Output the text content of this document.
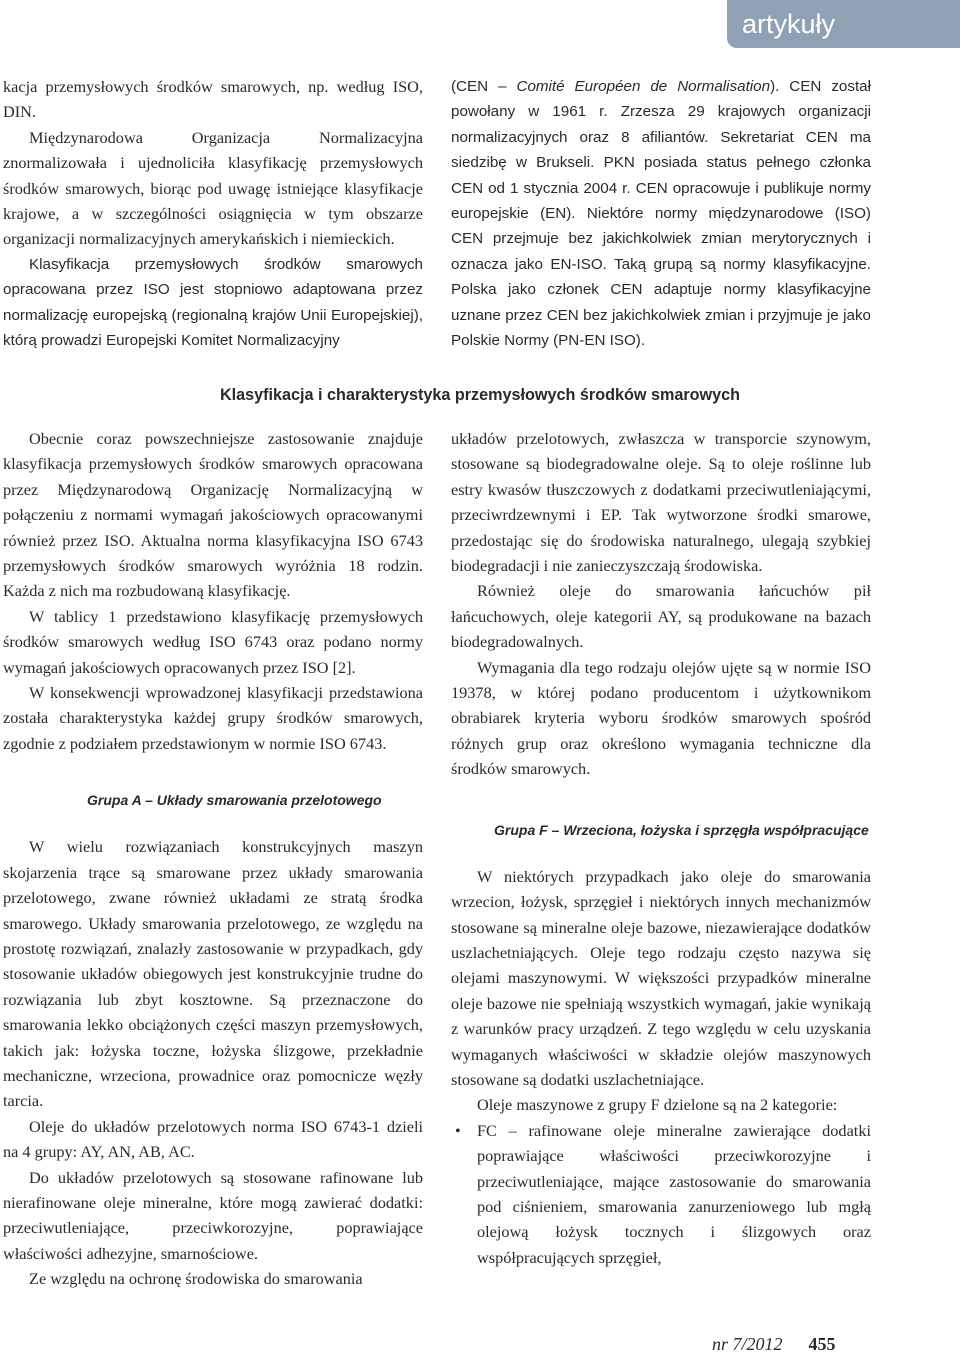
artykuły

kacja przemysłowych środków smarowych, np. według ISO, DIN.

Międzynarodowa Organizacja Normalizacyjna znormalizowała i ujednoliciła klasyfikację przemysłowych środków smarowych, biorąc pod uwagę istniejące klasyfikacje krajowe, a w szczególności osiągnięcia w tym obszarze organizacji normalizacyjnych amerykańskich i niemieckich.

Klasyfikacja przemysłowych środków smarowych opracowana przez ISO jest stopniowo adaptowana przez normalizację europejską (regionalną krajów Unii Europejskiej), którą prowadzi Europejski Komitet Normalizacyjny

(CEN – Comité Européen de Normalisation). CEN został powołany w 1961 r. Zrzesza 29 krajowych organizacji normalizacyjnych oraz 8 afiliantów. Sekretariat CEN ma siedzibę w Brukseli. PKN posiada status pełnego członka CEN od 1 stycznia 2004 r. CEN opracowuje i publikuje normy europejskie (EN). Niektóre normy międzynarodowe (ISO) CEN przejmuje bez jakichkolwiek zmian merytorycznych i oznacza jako EN-ISO. Taką grupą są normy klasyfikacyjne. Polska jako członek CEN adaptuje normy klasyfikacyjne uznane przez CEN bez jakichkolwiek zmian i przyjmuje je jako Polskie Normy (PN-EN ISO).

Klasyfikacja i charakterystyka przemysłowych środków smarowych

Obecnie coraz powszechniejsze zastosowanie znajduje klasyfikacja przemysłowych środków smarowych opracowana przez Międzynarodową Organizację Normalizacyjną w połączeniu z normami wymagań jakościowych opracowanymi również przez ISO. Aktualna norma klasyfikacyjna ISO 6743 przemysłowych środków smarowych wyróżnia 18 rodzin. Każda z nich ma rozbudowaną klasyfikację.

W tablicy 1 przedstawiono klasyfikację przemysłowych środków smarowych według ISO 6743 oraz podano normy wymagań jakościowych opracowanych przez ISO [2].

W konsekwencji wprowadzonej klasyfikacji przedstawiona została charakterystyka każdej grupy środków smarowych, zgodnie z podziałem przedstawionym w normie ISO 6743.

Grupa A – Układy smarowania przelotowego

W wielu rozwiązaniach konstrukcyjnych maszyn skojarzenia trące są smarowane przez układy smarowania przelotowego, zwane również układami ze stratą środka smarowego. Układy smarowania przelotowego, ze względu na prostotę rozwiązań, znalazły zastosowanie w przypadkach, gdy stosowanie układów obiegowych jest konstrukcyjnie trudne do rozwiązania lub zbyt kosztowne. Są przeznaczone do smarowania lekko obciążonych części maszyn przemysłowych, takich jak: łożyska toczne, łożyska ślizgowe, przekładnie mechaniczne, wrzeciona, prowadnice oraz pomocnicze węzły tarcia.

Oleje do układów przelotowych norma ISO 6743-1 dzieli na 4 grupy: AY, AN, AB, AC.

Do układów przelotowych są stosowane rafinowane lub nierafinowane oleje mineralne, które mogą zawierać dodatki: przeciwutleniające, przeciwkorozyjne, poprawiające właściwości adhezyjne, smarnościowe.

Ze względu na ochronę środowiska do smarowania

układów przelotowych, zwłaszcza w transporcie szynowym, stosowane są biodegradowalne oleje. Są to oleje roślinne lub estry kwasów tłuszczowych z dodatkami przeciwutleniającymi, przeciwrdzewnymi i EP. Tak wytworzone środki smarowe, przedostając się do środowiska naturalnego, ulegają szybkiej biodegradacji i nie zanieczyszczają środowiska.

Również oleje do smarowania łańcuchów pił łańcuchowych, oleje kategorii AY, są produkowane na bazach biodegradowalnych.

Wymagania dla tego rodzaju olejów ujęte są w normie ISO 19378, w której podano producentom i użytkownikom obrabiarek kryteria wyboru środków smarowych spośród różnych grup oraz określono wymagania techniczne dla środków smarowych.

Grupa F – Wrzeciona, łożyska i sprzęgła współpracujące

W niektórych przypadkach jako oleje do smarowania wrzecion, łożysk, sprzęgieł i niektórych innych mechanizmów stosowane są mineralne oleje bazowe, niezawierające dodatków uszlachetniających. Oleje tego rodzaju często nazywa się olejami maszynowymi. W większości przypadków mineralne oleje bazowe nie spełniają wszystkich wymagań, jakie wynikają z warunków pracy urządzeń. Z tego względu w celu uzyskania wymaganych właściwości w składzie olejów maszynowych stosowane są dodatki uszlachetniające.

Oleje maszynowe z grupy F dzielone są na 2 kategorie:

• FC – rafinowane oleje mineralne zawierające dodatki poprawiające właściwości przeciwkorozyjne i przeciwutleniające, mające zastosowanie do smarowania pod ciśnieniem, smarowania zanurzeniowego lub mgłą olejową łożysk tocznych i ślizgowych oraz współpracujących sprzęgieł,
nr 7/2012 455
